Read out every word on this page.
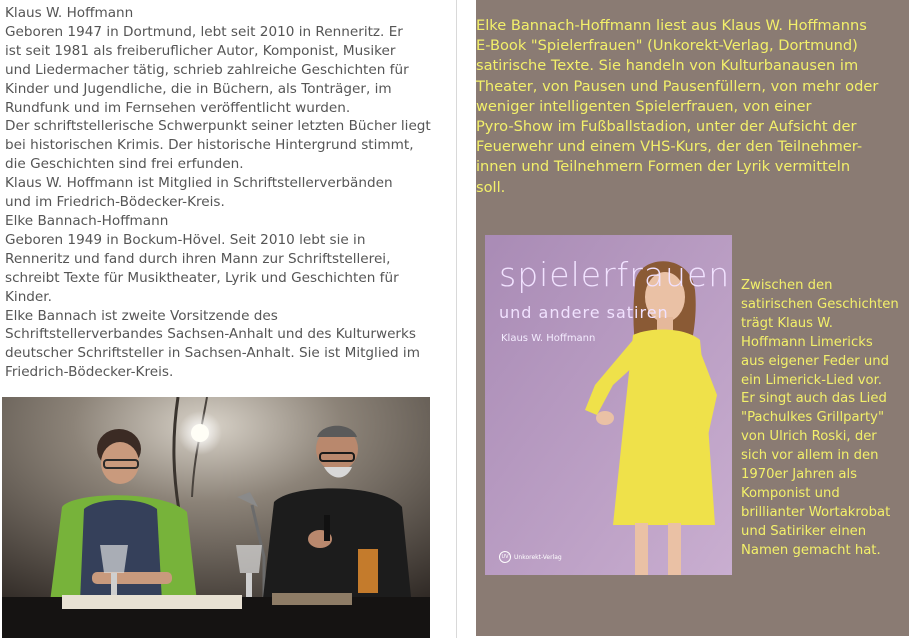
Klaus W. Hoffmann
Geboren 1947 in Dortmund, lebt seit 2010 in Renneritz. Er
ist seit 1981 als freiberuflicher Autor, Komponist, Musiker
und Liedermacher tätig, schrieb zahlreiche Geschichten für
Kinder und Jugendliche, die in Büchern, als Tonträger, im
Rundfunk und im Fernsehen veröffentlicht wurden.
Der schriftstellerische Schwerpunkt seiner letzten Bücher liegt
bei historischen Krimis. Der historische Hintergrund stimmt,
die Geschichten sind frei erfunden.
Klaus W. Hoffmann ist Mitglied in Schriftstellerverbänden
und im Friedrich-Bödecker-Kreis.
Elke Bannach-Hoffmann
Geboren 1949 in Bockum-Hövel. Seit 2010 lebt sie in
Renneritz und fand durch ihren Mann zur Schriftstellerei,
schreibt Texte für Musiktheater, Lyrik und Geschichten für
Kinder.
Elke Bannach ist zweite Vorsitzende des
Schriftstellerverbandes Sachsen-Anhalt und des Kulturwerks
deutscher Schriftsteller in Sachsen-Anhalt. Sie ist Mitglied im
Friedrich-Bödecker-Kreis.
Elke Bannach-Hoffmann liest aus Klaus W. Hoffmanns
E-Book "Spielerfrauen" (Unkorekt-Verlag, Dortmund)
satirische Texte. Sie handeln von Kulturbanausen im
Theater, von Pausen und Pausenfüllern, von mehr oder
weniger intelligenten Spielerfrauen, von einer
Pyro-Show im Fußballstadion, unter der Aufsicht der
Feuerwehr und einem VHS-Kurs, der den Teilnehmer-
innen und Teilnehmern Formen der Lyrik vermitteln
soll.
spielerfrauen
und andere satiren
Klaus W. Hoffmann
UV Unkorekt-Verlag
Zwischen den
satirischen Geschichten
trägt Klaus W.
Hoffmann Limericks
aus eigener Feder und
ein Limerick-Lied vor.
Er singt auch das Lied
"Pachulkes Grillparty"
von Ulrich Roski, der
sich vor allem in den
1970er Jahren als
Komponist und
brillianter Wortakrobat
und Satiriker einen
Namen gemacht hat.
